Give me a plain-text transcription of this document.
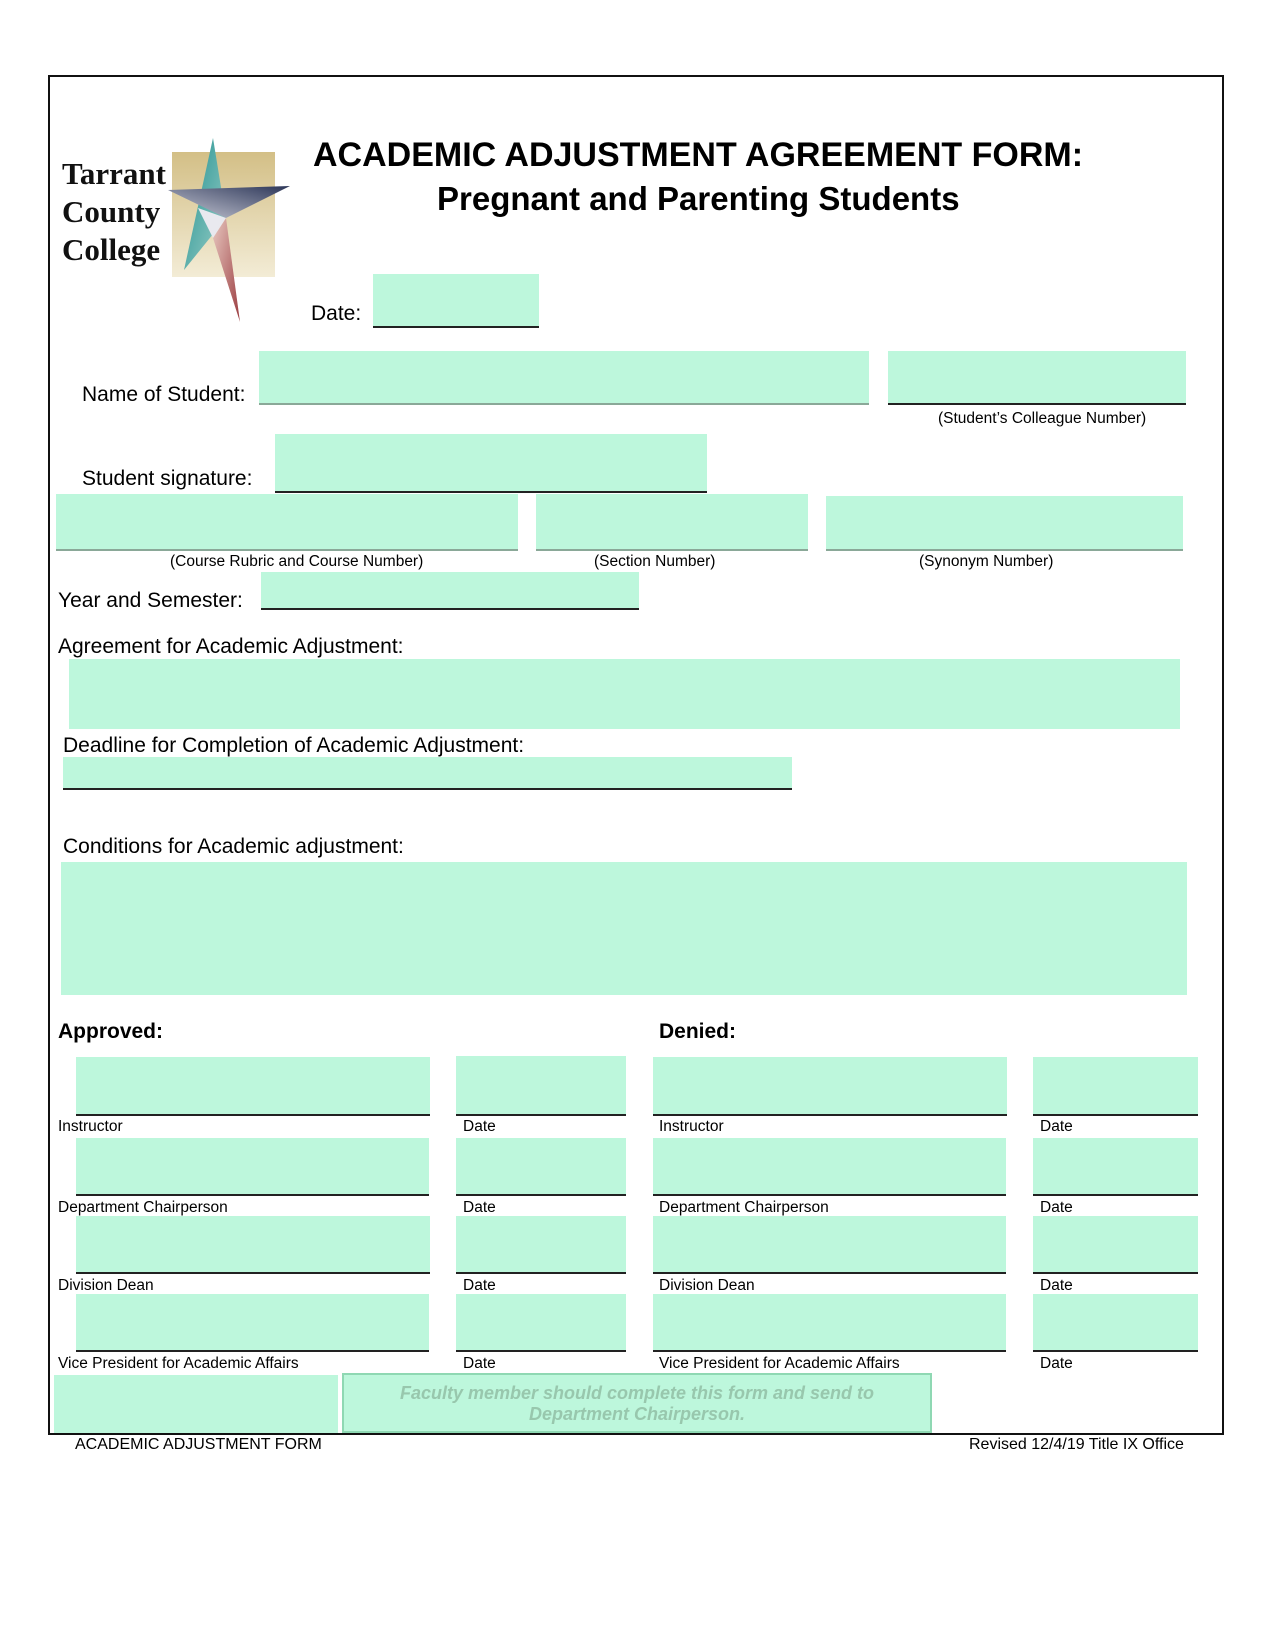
Tarrant
County
College
ACADEMIC ADJUSTMENT AGREEMENT FORM:
Pregnant and Parenting Students
Date:
Name of Student:
(Student’s Colleague Number)
Student signature:
(Course Rubric and Course Number)	(Section Number)	(Synonym Number)
Year and Semester:
Agreement for Academic Adjustment:
Deadline for Completion of Academic Adjustment:
Conditions for Academic adjustment:
Approved:	Denied:
Instructor	Date	Instructor	Date
Department Chairperson	Date	Department Chairperson	Date
Division Dean	Date	Division Dean	Date
Vice President for Academic Affairs	Date	Vice President for Academic Affairs	Date
Faculty member should complete this form and send to
Department Chairperson.
ACADEMIC ADJUSTMENT FORM	Revised 12/4/19 Title IX Office
